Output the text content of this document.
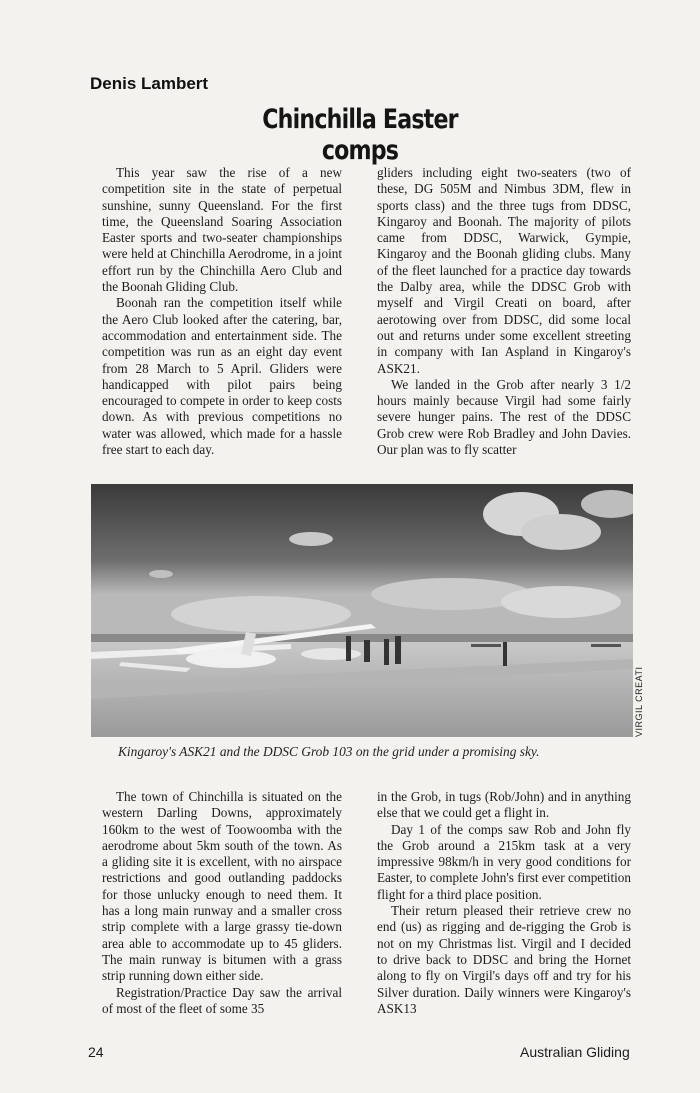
Denis Lambert
Chinchilla Easter comps

This year saw the rise of a new competition site in the state of perpetual sunshine, sunny Queensland. For the first time, the Queensland Soaring Association Easter sports and two-seater championships were held at Chinchilla Aerodrome, in a joint effort run by the Chinchilla Aero Club and the Boonah Gliding Club.

Boonah ran the competition itself while the Aero Club looked after the catering, bar, accommodation and entertainment side. The competition was run as an eight day event from 28 March to 5 April. Gliders were handicapped with pilot pairs being encouraged to compete in order to keep costs down. As with previous competitions no water was allowed, which made for a hassle free start to each day.

gliders including eight two-seaters (two of these, DG 505M and Nimbus 3DM, flew in sports class) and the three tugs from DDSC, Kingaroy and Boonah. The majority of pilots came from DDSC, Warwick, Gympie, Kingaroy and the Boonah gliding clubs. Many of the fleet launched for a practice day towards the Dalby area, while the DDSC Grob with myself and Virgil Creati on board, after aerotowing over from DDSC, did some local out and returns under some excellent streeting in company with Ian Aspland in Kingaroy's ASK21.

We landed in the Grob after nearly 3 1/2 hours mainly because Virgil had some fairly severe hunger pains. The rest of the DDSC Grob crew were Rob Bradley and John Davies. Our plan was to fly scatter

VIRGIL CREATI
Kingaroy's ASK21 and the DDSC Grob 103 on the grid under a promising sky.

The town of Chinchilla is situated on the western Darling Downs, approximately 160km to the west of Toowoomba with the aerodrome about 5km south of the town. As a gliding site it is excellent, with no airspace restrictions and good outlanding paddocks for those unlucky enough to need them. It has a long main runway and a smaller cross strip complete with a large grassy tie-down area able to accommodate up to 45 gliders. The main runway is bitumen with a grass strip running down either side.

Registration/Practice Day saw the arrival of most of the fleet of some 35

in the Grob, in tugs (Rob/John) and in anything else that we could get a flight in.

Day 1 of the comps saw Rob and John fly the Grob around a 215km task at a very impressive 98km/h in very good conditions for Easter, to complete John's first ever competition flight for a third place position.

Their return pleased their retrieve crew no end (us) as rigging and de-rigging the Grob is not on my Christmas list. Virgil and I decided to drive back to DDSC and bring the Hornet along to fly on Virgil's days off and try for his Silver duration. Daily winners were Kingaroy's ASK13

24	Australian Gliding
